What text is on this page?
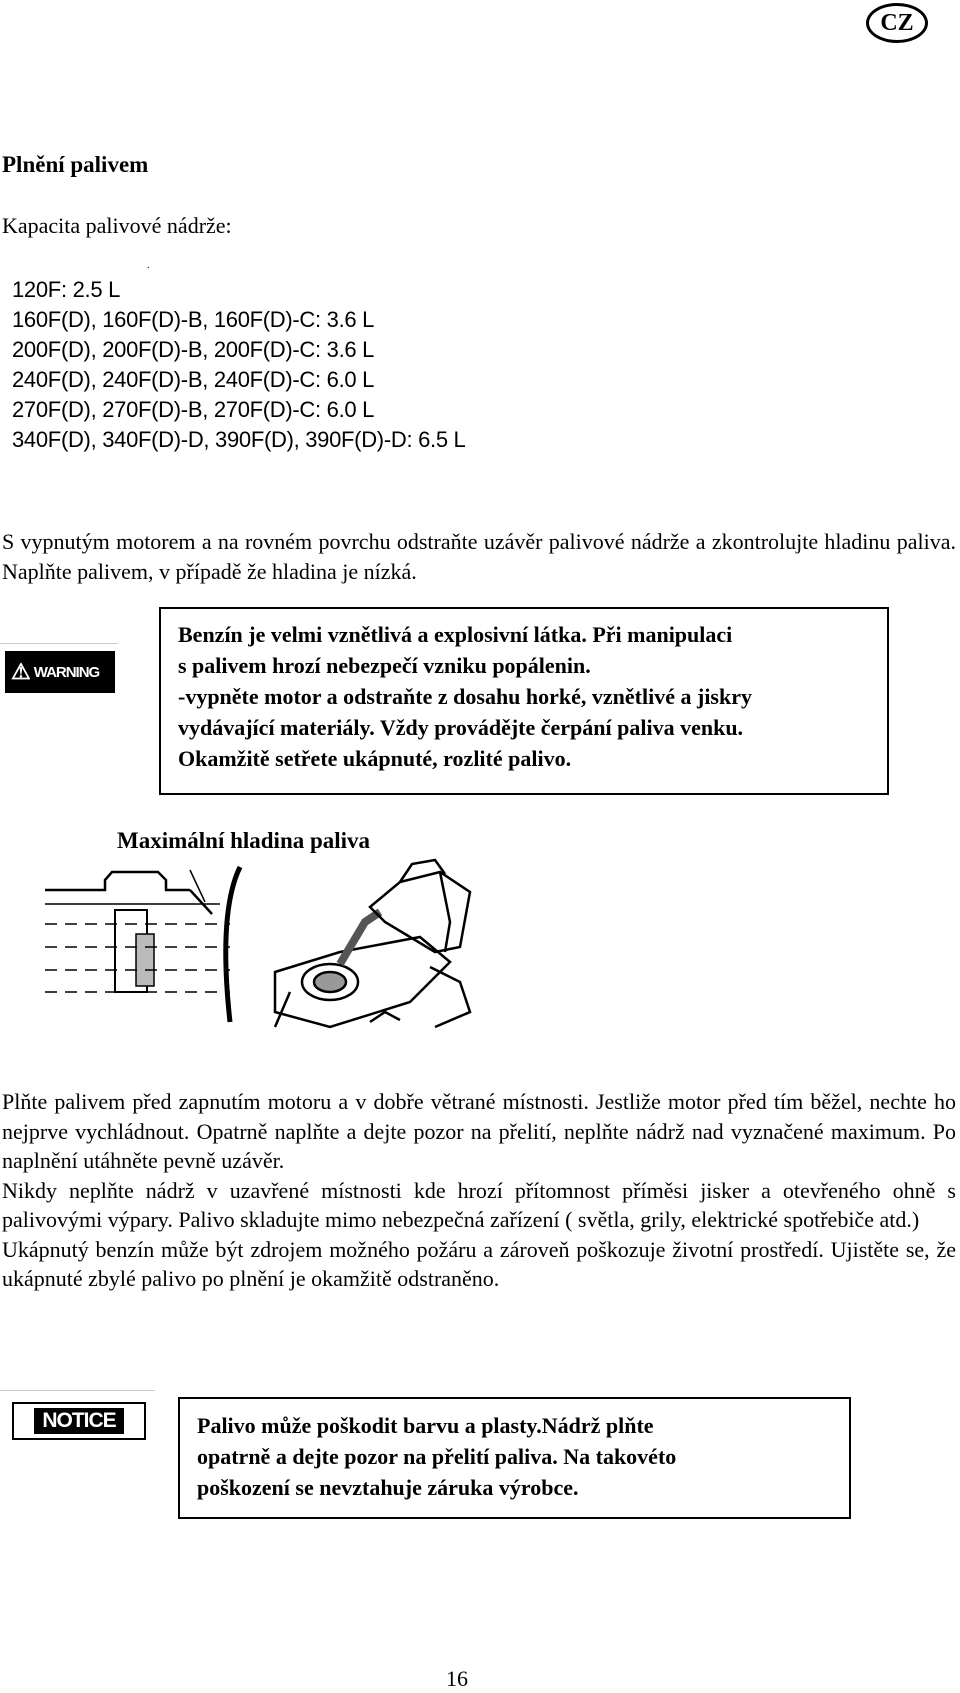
CZ
Plnění palivem
Kapacita palivové nádrže:
.
120F: 2.5 L
160F(D), 160F(D)-B, 160F(D)-C: 3.6 L
200F(D), 200F(D)-B, 200F(D)-C: 3.6 L
240F(D), 240F(D)-B, 240F(D)-C: 6.0 L
270F(D), 270F(D)-B, 270F(D)-C: 6.0 L
340F(D), 340F(D)-D, 390F(D), 390F(D)-D: 6.5 L
S vypnutým motorem a na rovném povrchu odstraňte uzávěr palivové nádrže a zkontrolujte hladinu paliva. Naplňte palivem, v případě že hladina je nízká.
⚠ WARNING
Benzín je velmi vznětlivá a explosivní látka. Při manipulaci
s palivem hrozí nebezpečí vzniku popálenin.
-vypněte motor a odstraňte z dosahu horké, vznětlivé a jiskry
vydávající materiály. Vždy provádějte čerpání paliva venku.
Okamžitě setřete ukápnuté, rozlité palivo.
Maximální hladina paliva

Plňte palivem před zapnutím motoru a v dobře větrané místnosti. Jestliže motor před tím běžel, nechte ho nejprve vychládnout. Opatrně naplňte a dejte pozor na přelití, neplňte nádrž nad vyznačené maximum. Po naplnění utáhněte pevně uzávěr.

Nikdy neplňte nádrž v uzavřené místnosti kde hrozí přítomnost příměsi jisker a otevřeného ohně s palivovými výpary. Palivo skladujte mimo nebezpečná zařízení ( světla, grily, elektrické spotřebiče atd.)

Ukápnutý benzín může být zdrojem možného požáru a zároveň poškozuje životní prostředí. Ujistěte se, že ukápnuté zbylé palivo po plnění je okamžitě odstraněno.

NOTICE	Palivo může poškodit barvu a plasty.Nádrž plňte
opatrně a dejte pozor na přelití paliva. Na takovéto
poškození se nevztahuje záruka výrobce.
16
